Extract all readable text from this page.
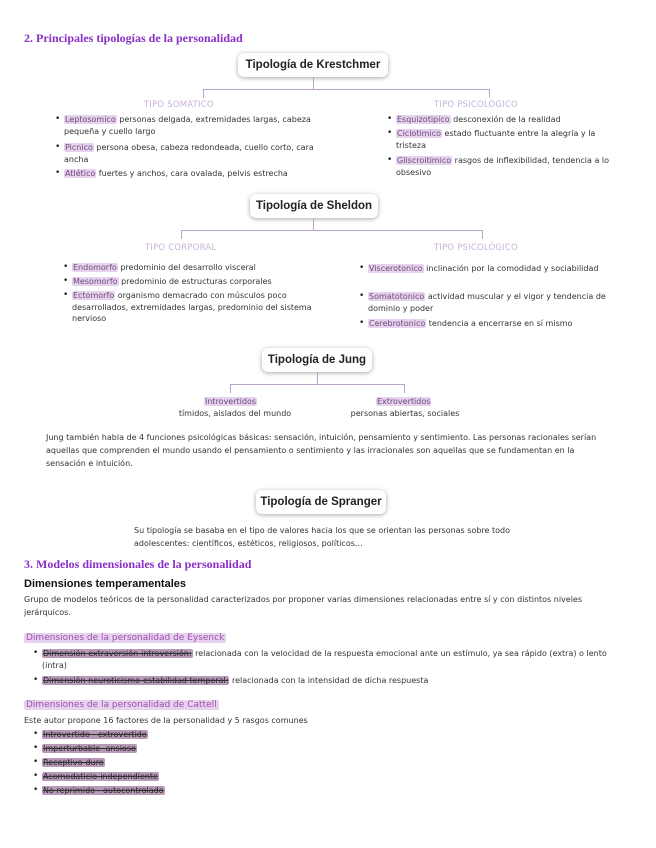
2. Principales tipologías de la personalidad
Tipología de Krestchmer
TIPO SOMÁTICO	TIPO PSICOLÓGICO
• Leptosomico personas delgada, extremidades largas, cabeza pequeña y cuello largo
• Picnico persona obesa, cabeza redondeada, cuello corto, cara ancha
• Atlético fuertes y anchos, cara ovalada, pelvis estrecha
• Esquizotipico desconexión de la realidad
• Ciclotimico estado fluctuante entre la alegría y la tristeza
• Gliscroitimico rasgos de inflexibilidad, tendencia a lo obsesivo
Tipología de Sheldon
TIPO CORPORAL	TIPO PSICOLÓGICO
• Endomorfo predominio del desarrollo visceral
• Mesomorfo predominio de estructuras corporales
• Ectomorfo organismo demacrado con músculos poco desarrollados, extremidades largas, predominio del sistema nervioso
• Viscerotonico inclinación por la comodidad y sociabilidad
• Somatotonico actividad muscular y el vigor y tendencia de dominio y poder
• Cerebrotonico tendencia a encerrarse en sí mismo
Tipología de Jung
Introvertidos
tímidos, aislados del mundo
Extrovertidos
personas abiertas, sociales
Jung también habla de 4 funciones psicológicas básicas: sensación, intuición, pensamiento y sentimiento. Las personas racionales serían aquellas que comprenden el mundo usando el pensamiento o sentimiento y las irracionales son aquellas que se fundamentan en la sensación e intuición.
Tipología de Spranger
Su tipología se basaba en el tipo de valores hacia los que se orientan las personas sobre todo adolescentes: científicos, estéticos, religiosos, políticos…
3. Modelos dimensionales de la personalidad
Dimensiones temperamentales
Grupo de modelos teóricos de la personalidad caracterizados por proponer varias dimensiones relacionadas entre sí y con distintos niveles jerárquicos.
Dimensiones de la personalidad de Eysenck
• Dimensión extraversión-introversión: relacionada con la velocidad de la respuesta emocional ante un estímulo, ya sea rápido (extra) o lento (intra)
• Dimensión neuroticismo-estabilidad temporal: relacionada con la intensidad de dicha respuesta
Dimensiones de la personalidad de Cattell
Este autor propone 16 factores de la personalidad y 5 rasgos comunes
• Introvertido - extrovertido
• Imperturbable- ansioso
• Receptivo-duro
• Acomodaticio-independiente
• No reprimido - autocontrolado
